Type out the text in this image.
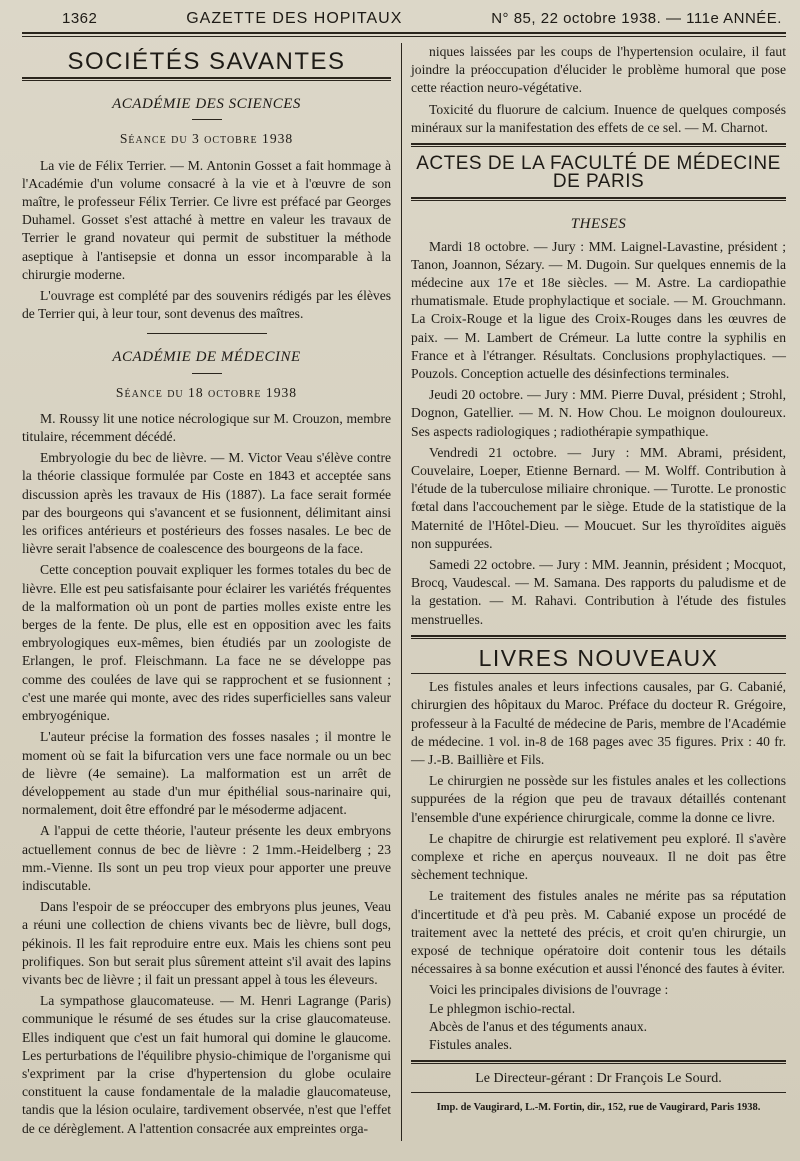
1362	GAZETTE DES HOPITAUX	N° 85, 22 octobre 1938. — 111e ANNÉE.
SOCIÉTÉS SAVANTES
ACADÉMIE DES SCIENCES
Séance du 3 octobre 1938

La vie de Félix Terrier. — M. Antonin Gosset a fait hommage à l'Académie d'un volume consacré à la vie et à l'œuvre de son maître, le professeur Félix Terrier. Ce livre est préfacé par Georges Duhamel. Gosset s'est attaché à mettre en valeur les travaux de Terrier le grand novateur qui permit de substituer la méthode aseptique à l'antisepsie et donna un essor incomparable à la chirurgie moderne.

L'ouvrage est complété par des souvenirs rédigés par les élèves de Terrier qui, à leur tour, sont devenus des maîtres.

ACADÉMIE DE MÉDECINE
Séance du 18 octobre 1938

M. Roussy lit une notice nécrologique sur M. Crouzon, membre titulaire, récemment décédé.

Embryologie du bec de lièvre. — M. Victor Veau s'élève contre la théorie classique formulée par Coste en 1843 et acceptée sans discussion après les travaux de His (1887). La face serait formée par des bourgeons qui s'avancent et se fusionnent, délimitant ainsi les orifices antérieurs et postérieurs des fosses nasales. Le bec de lièvre serait l'absence de coalescence des bourgeons de la face.

Cette conception pouvait expliquer les formes totales du bec de lièvre. Elle est peu satisfaisante pour éclairer les variétés fréquentes de la malformation où un pont de parties molles existe entre les berges de la fente. De plus, elle est en opposition avec les faits embryologiques eux-mêmes, bien étudiés par un zoologiste de Erlangen, le prof. Fleischmann. La face ne se développe pas comme des coulées de lave qui se rapprochent et se fusionnent ; c'est une marée qui monte, avec des rides superficielles sans valeur embryogénique.

L'auteur précise la formation des fosses nasales ; il montre le moment où se fait la bifurcation vers une face normale ou un bec de lièvre (4e semaine). La malformation est un arrêt de développement au stade d'un mur épithélial sous-narinaire qui, normalement, doit être effondré par le mésoderme adjacent.

A l'appui de cette théorie, l'auteur présente les deux embryons actuellement connus de bec de lièvre : 2 1mm.-Heidelberg ; 23 mm.-Vienne. Ils sont un peu trop vieux pour apporter une preuve indiscutable.

Dans l'espoir de se préoccuper des embryons plus jeunes, Veau a réuni une collection de chiens vivants bec de lièvre, bull dogs, pékinois. Il les fait reproduire entre eux. Mais les chiens sont peu prolifiques. Son but serait plus sûrement atteint s'il avait des lapins vivants bec de lièvre ; il fait un pressant appel à tous les éleveurs.

La sympathose glaucomateuse. — M. Henri Lagrange (Paris) communique le résumé de ses études sur la crise glaucomateuse. Elles indiquent que c'est un fait humoral qui domine le glaucome. Les perturbations de l'équilibre physio-chimique de l'organisme qui s'expriment par la crise d'hypertension du globe oculaire constituent la cause fondamentale de la maladie glaucomateuse, tandis que la lésion oculaire, tardivement observée, n'est que l'effet de ce dérèglement. A l'attention consacrée aux empreintes orga-

niques laissées par les coups de l'hypertension oculaire, il faut joindre la préoccupation d'élucider le problème humoral que pose cette réaction neuro-végétative.

Toxicité du fluorure de calcium. Inuence de quelques composés minéraux sur la manifestation des effets de ce sel. — M. Charnot.

ACTES DE LA FACULTÉ DE MÉDECINE DE PARIS
THESES

Mardi 18 octobre. — Jury : MM. Laignel-Lavastine, président ; Tanon, Joannon, Sézary. — M. Dugoin. Sur quelques ennemis de la médecine aux 17e et 18e siècles. — M. Astre. La cardiopathie rhumatismale. Etude prophylactique et sociale. — M. Grouchmann. La Croix-Rouge et la ligue des Croix-Rouges dans les œuvres de paix. — M. Lambert de Crémeur. La lutte contre la syphilis en France et à l'étranger. Résultats. Conclusions prophylactiques. — Pouzols. Conception actuelle des désinfections terminales.

Jeudi 20 octobre. — Jury : MM. Pierre Duval, président ; Strohl, Dognon, Gatellier. — M. N. How Chou. Le moignon douloureux. Ses aspects radiologiques ; radiothérapie sympathique.

Vendredi 21 octobre. — Jury : MM. Abrami, président, Couvelaire, Loeper, Etienne Bernard. — M. Wolff. Contribution à l'étude de la tuberculose miliaire chronique. — Turotte. Le pronostic fœtal dans l'accouchement par le siège. Etude de la statistique de la Maternité de l'Hôtel-Dieu. — Moucuet. Sur les thyroïdites aiguës non suppurées.

Samedi 22 octobre. — Jury : MM. Jeannin, président ; Mocquot, Brocq, Vaudescal. — M. Samana. Des rapports du paludisme et de la gestation. — M. Rahavi. Contribution à l'étude des fistules menstruelles.

LIVRES NOUVEAUX

Les fistules anales et leurs infections causales, par G. Cabanié, chirurgien des hôpitaux du Maroc. Préface du docteur R. Grégoire, professeur à la Faculté de médecine de Paris, membre de l'Académie de médecine. 1 vol. in-8 de 168 pages avec 35 figures. Prix : 40 fr. — J.-B. Baillière et Fils.

Le chirurgien ne possède sur les fistules anales et les collections suppurées de la région que peu de travaux détaillés contenant l'ensemble d'une expérience chirurgicale, comme la donne ce livre.

Le chapitre de chirurgie est relativement peu exploré. Il s'avère complexe et riche en aperçus nouveaux. Il ne doit pas être sèchement technique.

Le traitement des fistules anales ne mérite pas sa réputation d'incertitude et d'à peu près. M. Cabanié expose un procédé de traitement avec la netteté des précis, et croit qu'en chirurgie, un exposé de technique opératoire doit contenir tous les détails nécessaires à sa bonne exécution et aussi l'énoncé des fautes à éviter.

Voici les principales divisions de l'ouvrage :

Le phlegmon ischio-rectal.

Abcès de l'anus et des téguments anaux.

Fistules anales.

Le Directeur-gérant : Dr François Le Sourd.
Imp. de Vaugirard, L.-M. Fortin, dir., 152, rue de Vaugirard, Paris 1938.
